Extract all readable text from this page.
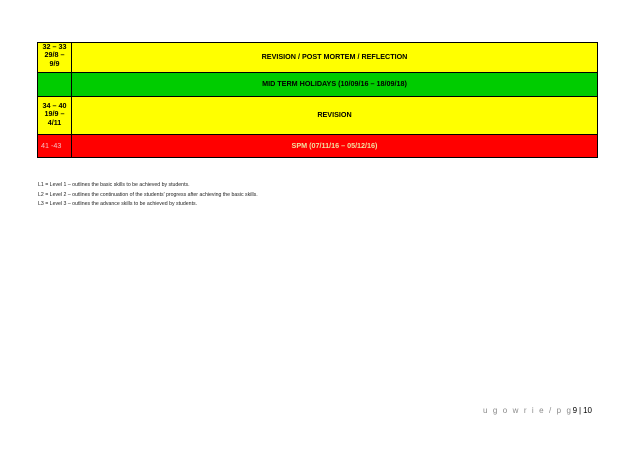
32 – 33
29/8 –
9/9	REVISION / POST MORTEM / REFLECTION
	MID TERM HOLIDAYS (10/09/16 – 18/09/18)

34 – 40
19/9 –
4/11	REVISION
41 -43	SPM (07/11/16 – 05/12/16)
L1 = Level 1 – outlines the basic skills to be achieved by students.
L2 = Level 2 – outlines the continuation of the students' progress after achieving the basic skills.
L3 = Level 3 – outlines the advance skills to be achieved by students.
u g o w r i e / p g9 | 10
